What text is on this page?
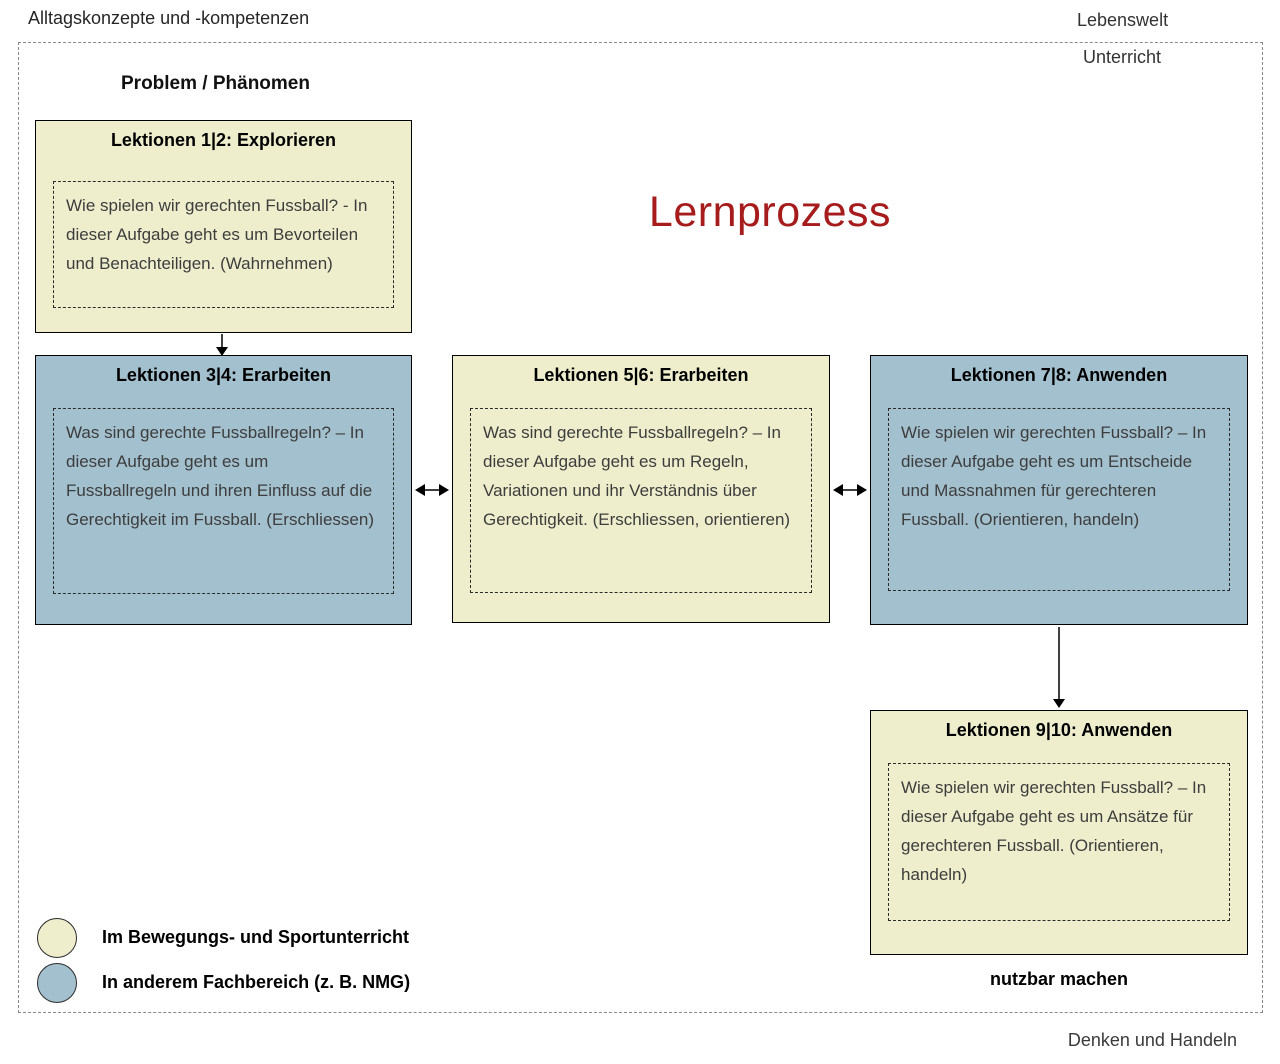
Alltagskonzepte und -kompetenzen	Lebenswelt
Unterricht
Problem / Phänomen
Denken und Handeln
nutzbar machen
Lernprozess
Lektionen 1|2: Explorieren
Wie spielen wir gerechten Fussball? - In dieser Aufgabe geht es um Bevorteilen und Benachteiligen. (Wahrnehmen)
Lektionen 3|4: Erarbeiten
Was sind gerechte Fussballregeln? – In dieser Aufgabe geht es um Fussballregeln und ihren Einfluss auf die Gerechtigkeit im Fussball. (Erschliessen)
Lektionen 5|6: Erarbeiten
Was sind gerechte Fussballregeln? – In dieser Aufgabe geht es um Regeln, Variationen und ihr Verständnis über Gerechtigkeit. (Erschliessen, orientieren)
Lektionen 7|8: Anwenden
Wie spielen wir gerechten Fussball? – In dieser Aufgabe geht es um Entscheide und Massnahmen für gerechteren Fussball. (Orientieren, handeln)
Lektionen 9|10: Anwenden
Wie spielen wir gerechten Fussball? – In dieser Aufgabe geht es um Ansätze für gerechteren Fussball. (Orientieren, handeln)
Im Bewegungs- und Sportunterricht
In anderem Fachbereich (z. B. NMG)
